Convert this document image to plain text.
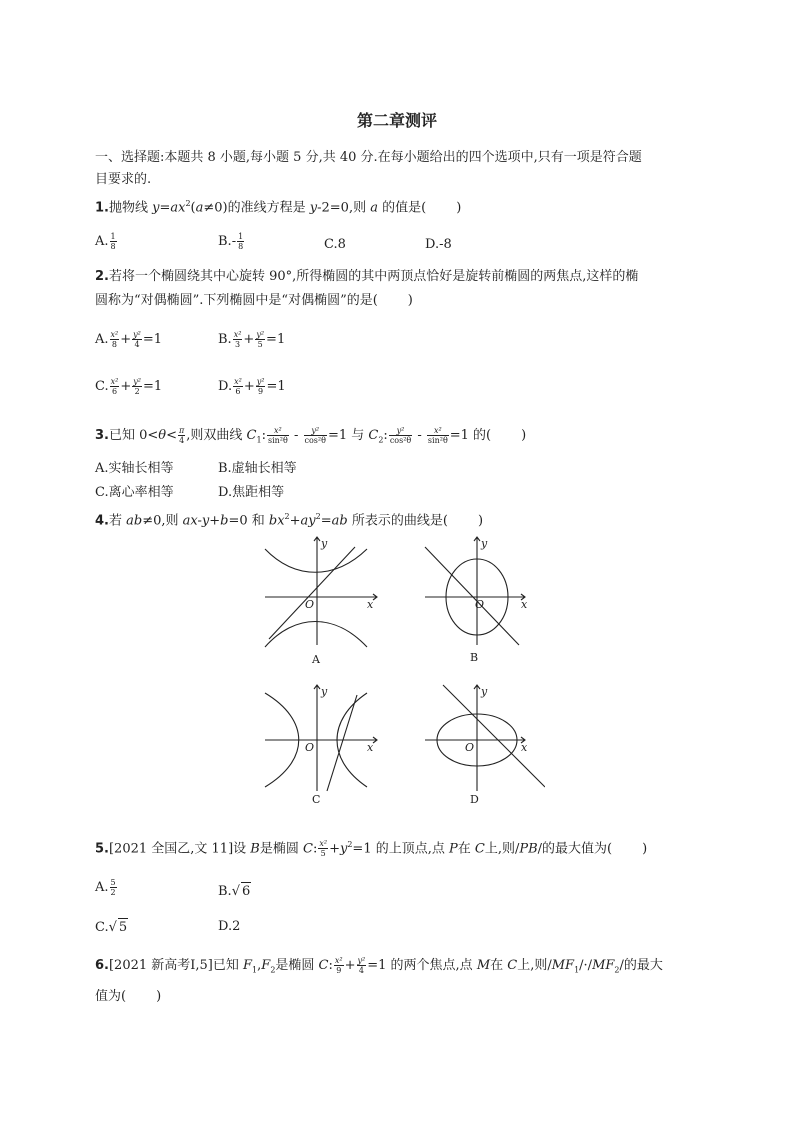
第二章测评
一、选择题:本题共 8 小题,每小题 5 分,共 40 分.在每小题给出的四个选项中,只有一项是符合题
目要求的.
1.抛物线 $y=ax^2(a\ne 0)$的准线方程是 y-2=0,则 a 的值是( )
A. $\frac{1}{8}$	$B.- \frac{1}{8}$	C.8	D.-8
2.若将一个椭圆绕其中心旋转 90°,所得椭圆的其中两顶点恰好是旋转前椭圆的两焦点,这样的椭
圆称为“对偶椭圆”.下列椭圆中是“对偶椭圆”的是( )
A. $\frac{\text{x²}}{8} + \frac{\text{y²}}{4} =1$	B. $\frac{\text{x²}}{3} + \frac{\text{y²}}{5} =1$
C. $\frac{\text{x²}}{6} + \frac{\text{y²}}{2} =1$	D. $\frac{\text{x²}}{6} + \frac{\text{y²}}{9} =1$
3.已知 $0<\theta< \frac{\pi}{4}$ ,则双曲线 $C_1$: $\frac{\text{x²}}{\text{sin²θ}} - \frac{\text{y²}}{\text{cos²θ}} =1$ 与 $C_2$: $\frac{\text{y²}}{\text{cos²θ}} - \frac{\text{x²}}{\text{sin²θ}} =1$ 的( )
A.实轴长相等	B.虚轴长相等
C.离心率相等	D.焦距相等
4.若 ab≠0,则 ax-y+b=0 和 $bx^2+ay^2=ab$ 所表示的曲线是( )
x
y
O	x
y
O
x
y
O	x
y
O
A	B
C	D
5.[2021 全国乙,文 11]设 B是椭圆 C: $\frac{\text{x²}}{5} +y^2=1$ 的上顶点,点 P在 C上,则/PB/的最大值为( )
A. $\frac{5}{2}$	B.√ 6
C.√ 5	D.2
6.[2021 新高考Ⅰ,5]已知 $F_1,F_2$是椭圆 C: $\frac{\text{x²}}{9} + \frac{\text{y²}}{4} =1$ 的两个焦点,点 M在 C上,则$/MF_1/\cdot/MF_2/$的最大
值为( )
